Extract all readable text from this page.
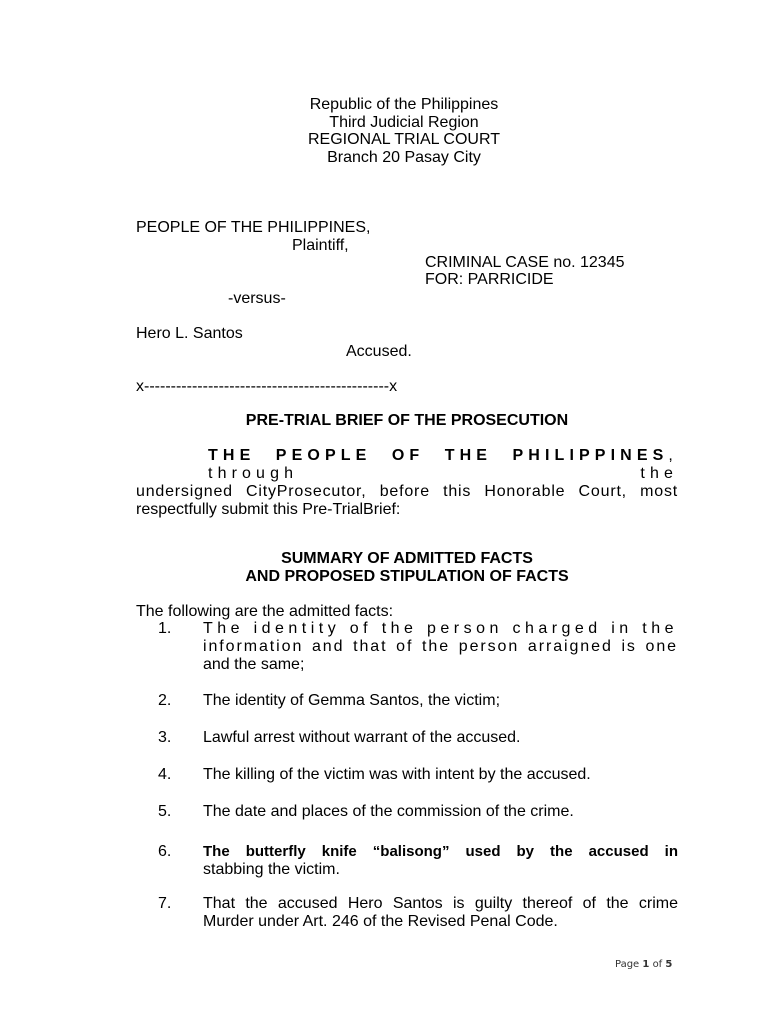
Republic of the Philippines
Third Judicial Region
REGIONAL TRIAL COURT
Branch 20 Pasay City
PEOPLE OF THE PHILIPPINES,
Plaintiff,
CRIMINAL CASE no. 12345
FOR: PARRICIDE
-versus-
Hero L. Santos
Accused.
x----------------------------------------------x
PRE-TRIAL BRIEF OF THE PROSECUTION
THE PEOPLE OF THE PHILIPPINES, through the
undersigned CityProsecutor, before this Honorable Court, most
respectfully submit this Pre-TrialBrief:
SUMMARY OF ADMITTED FACTS
AND PROPOSED STIPULATION OF FACTS
The following are the admitted facts:
1. The identity of the person charged in the
information and that of the person arraigned is one
and the same;
2. The identity of Gemma Santos, the victim;
3. Lawful arrest without warrant of the accused.
4. The killing of the victim was with intent by the accused.
5. The date and places of the commission of the crime.
6. The butterfly knife “balisong” used by the accused in
stabbing the victim.
7. That the accused Hero Santos is guilty thereof of the crime
Murder under Art. 246 of the Revised Penal Code.
Page 1 of 5
